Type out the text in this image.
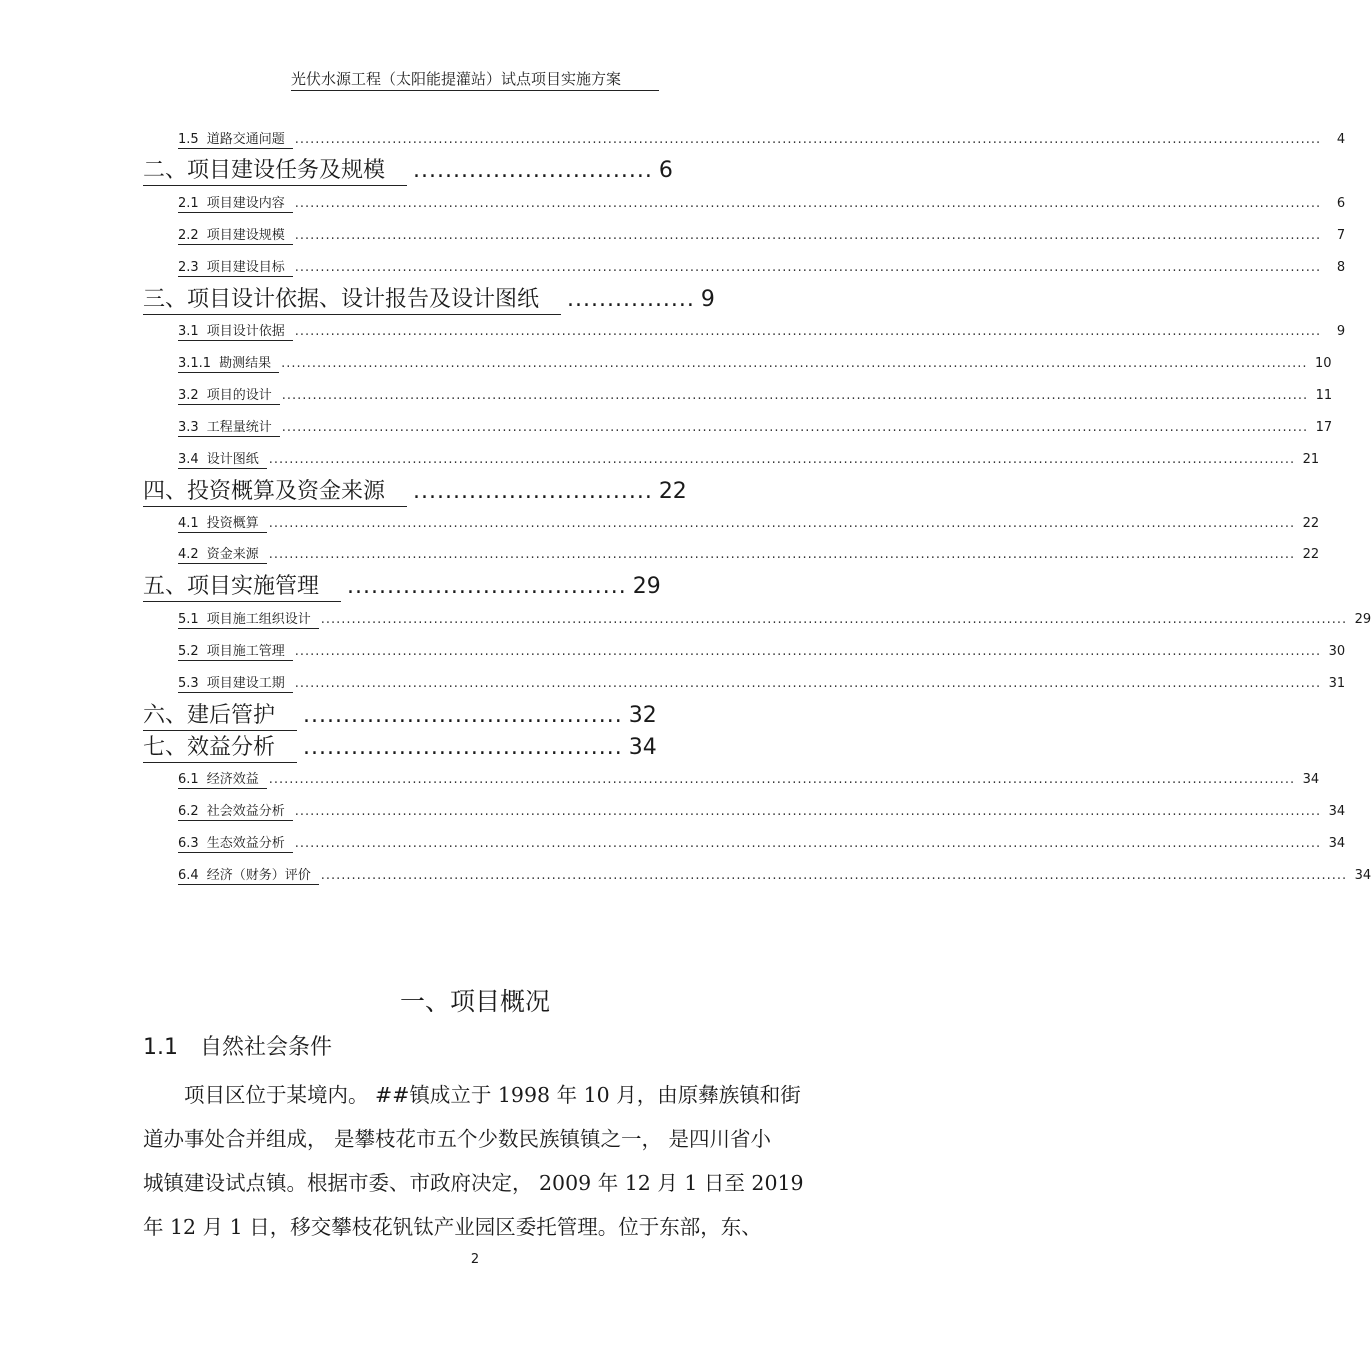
光伏水源工程（太阳能提灌站）试点项目实施方案
1.5 道路交通问题 ........................................................................................................................................................................................................	4
二、项目建设任务及规模	.............................. 6
2.1 项目建设内容 ........................................................................................................................................................................................................	6
2.2 项目建设规模 ........................................................................................................................................................................................................	7
2.3 项目建设目标 ........................................................................................................................................................................................................	8
三、项目设计依据、设计报告及设计图纸	................ 9
3.1 项目设计依据 ........................................................................................................................................................................................................	9
3.1.1 勘测结果 ........................................................................................................................................................................................................ 10
3.2 项目的设计 ........................................................................................................................................................................................................ 11
3.3 工程量统计 ........................................................................................................................................................................................................ 17
3.4 设计图纸 ........................................................................................................................................................................................................ 21
四、投资概算及资金来源	.............................. 22
4.1 投资概算 ........................................................................................................................................................................................................ 22
4.2 资金来源 ........................................................................................................................................................................................................ 22
五、项目实施管理	................................... 29
5.1 项目施工组织设计 ........................................................................................................................................................................................................ 29
5.2 项目施工管理 ........................................................................................................................................................................................................ 30
5.3 项目建设工期 ........................................................................................................................................................................................................ 31
六、建后管护	........................................ 32
七、效益分析	........................................ 34
6.1 经济效益 ........................................................................................................................................................................................................ 34
6.2 社会效益分析 ........................................................................................................................................................................................................ 34
6.3 生态效益分析 ........................................................................................................................................................................................................ 34
6.4 经济（财务）评价 ........................................................................................................................................................................................................ 34
一、项目概况
1.1 自然社会条件
　　项目区位于某境内。 ##镇成立于 1998 年 10 月，由原彝族镇和街
道办事处合并组成， 是攀枝花市五个少数民族镇镇之一， 是四川省小
城镇建设试点镇。根据市委、市政府决定， 2009 年 12 月 1 日至 2019
年 12 月 1 日，移交攀枝花钒钛产业园区委托管理。位于东部，东、
2
